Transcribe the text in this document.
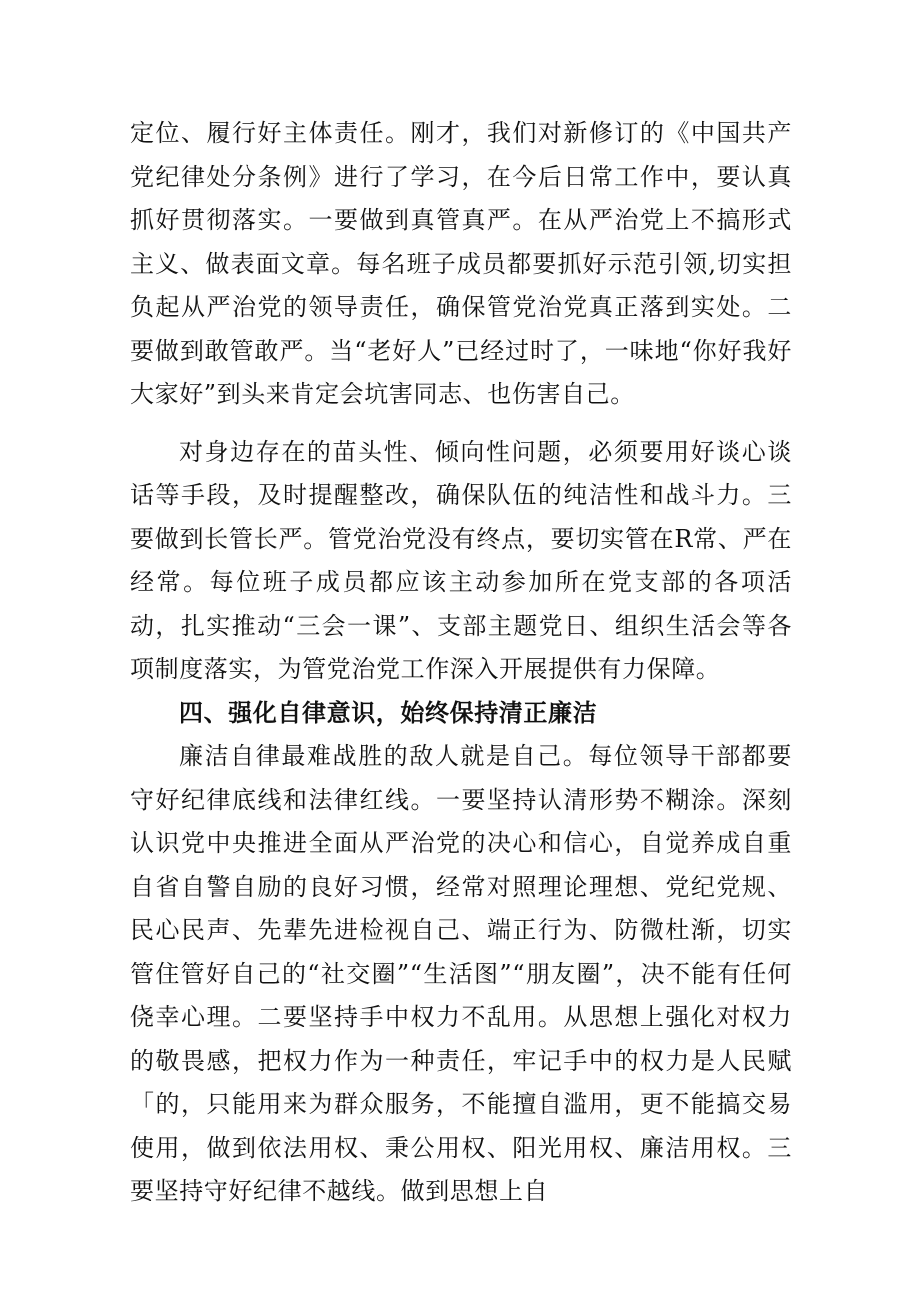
定位、履行好主体责任。刚才，我们对新修订的《中国共产党纪律处分条例》进行了学习，在今后日常工作中，要认真抓好贯彻落实。一要做到真管真严。在从严治党上不搞形式主义、做表面文章。每名班子成员都要抓好示范引领,切实担负起从严治党的领导责任，确保管党治党真正落到实处。二要做到敢管敢严。当“老好人”已经过时了，一味地“你好我好大家好”到头来肯定会坑害同志、也伤害自己。

对身边存在的苗头性、倾向性问题，必须要用好谈心谈话等手段，及时提醒整改，确保队伍的纯洁性和战斗力。三要做到长管长严。管党治党没有终点，要切实管在R常、严在经常。每位班子成员都应该主动参加所在党支部的各项活动，扎实推动“三会一课”、支部主题党日、组织生活会等各项制度落实，为管党治党工作深入开展提供有力保障。

四、强化自律意识，始终保持清正廉洁

廉洁自律最难战胜的敌人就是自己。每位领导干部都要守好纪律底线和法律红线。一要坚持认清形势不糊涂。深刻认识党中央推进全面从严治党的决心和信心，自觉养成自重自省自警自励的良好习惯，经常对照理论理想、党纪党规、民心民声、先辈先进检视自己、端正行为、防微杜渐，切实管住管好自己的“社交圈”“生活图”“朋友圈”，决不能有任何侥幸心理。二要坚持手中权力不乱用。从思想上强化对权力的敬畏感，把权力作为一种责任，牢记手中的权力是人民赋「的，只能用来为群众服务，不能擅自滥用，更不能搞交易使用，做到依法用权、秉公用权、阳光用权、廉洁用权。三要坚持守好纪律不越线。做到思想上自
